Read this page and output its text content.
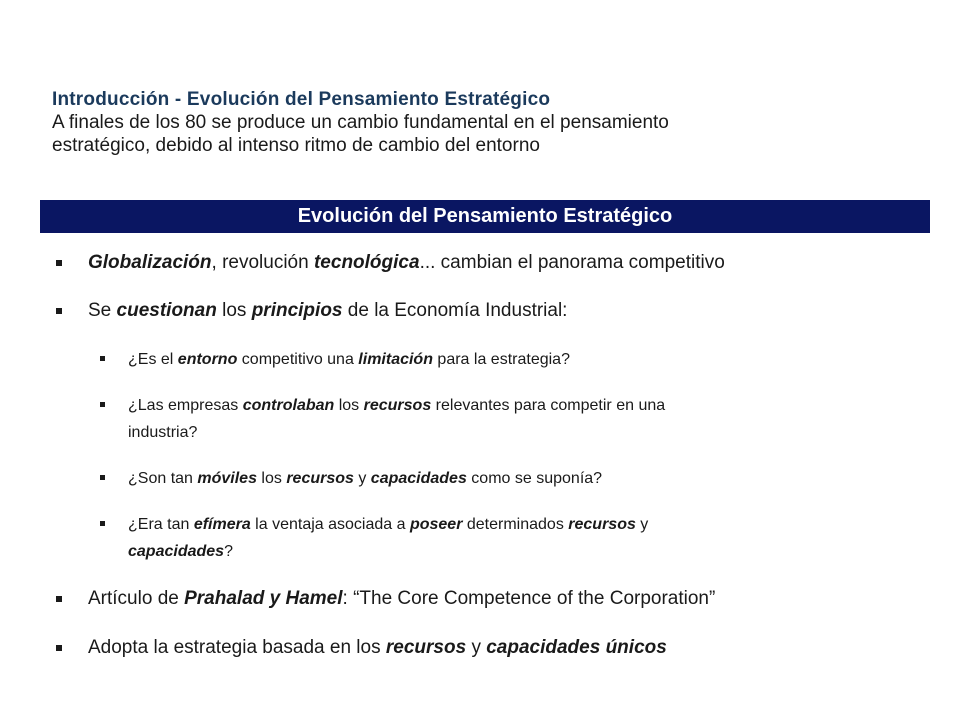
Introducción - Evolución del Pensamiento Estratégico
A finales de los 80 se produce un cambio fundamental en el pensamiento
estratégico, debido al intenso ritmo de cambio del entorno
Evolución del Pensamiento Estratégico
Globalización, revolución tecnológica... cambian el panorama competitivo
Se cuestionan los principios de la Economía Industrial:
¿Es el entorno competitivo una limitación para la estrategia?
¿Las empresas controlaban los recursos relevantes para competir en una
industria?
¿Son tan móviles los recursos y capacidades como se suponía?
¿Era tan efímera la ventaja asociada a poseer determinados recursos y
capacidades?
Artículo de Prahalad y Hamel: “The Core Competence of the Corporation”
Adopta la estrategia basada en los recursos y capacidades únicos
